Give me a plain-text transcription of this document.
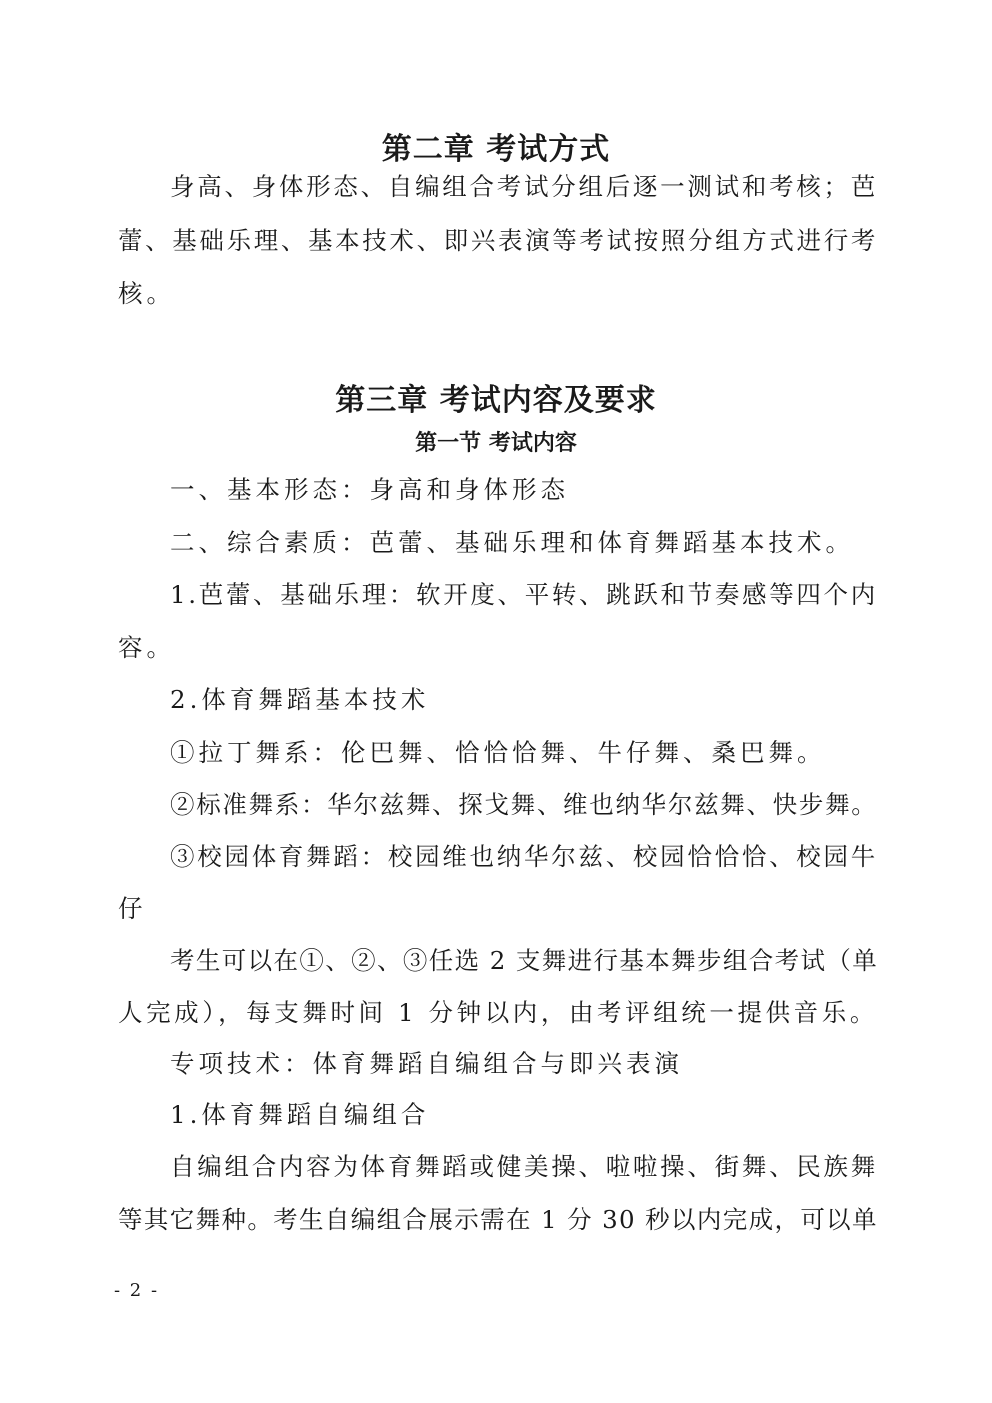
第二章 考试方式
身高、身体形态、自编组合考试分组后逐一测试和考核；芭
蕾、基础乐理、基本技术、即兴表演等考试按照分组方式进行考
核。
第三章 考试内容及要求
第一节 考试内容
一、基本形态：身高和身体形态
二、综合素质：芭蕾、基础乐理和体育舞蹈基本技术。
1.芭蕾、基础乐理：软开度、平转、跳跃和节奏感等四个内
容。
2.体育舞蹈基本技术
①拉丁舞系：伦巴舞、恰恰恰舞、牛仔舞、桑巴舞。
②标准舞系：华尔兹舞、探戈舞、维也纳华尔兹舞、快步舞。
③校园体育舞蹈：校园维也纳华尔兹、校园恰恰恰、校园牛
仔
考生可以在①、②、③任选 2 支舞进行基本舞步组合考试（单
人完成），每支舞时间 1 分钟以内，由考评组统一提供音乐。
专项技术：体育舞蹈自编组合与即兴表演
1.体育舞蹈自编组合
自编组合内容为体育舞蹈或健美操、啦啦操、街舞、民族舞
等其它舞种。考生自编组合展示需在 1 分 30 秒以内完成，可以单
- 2 -
